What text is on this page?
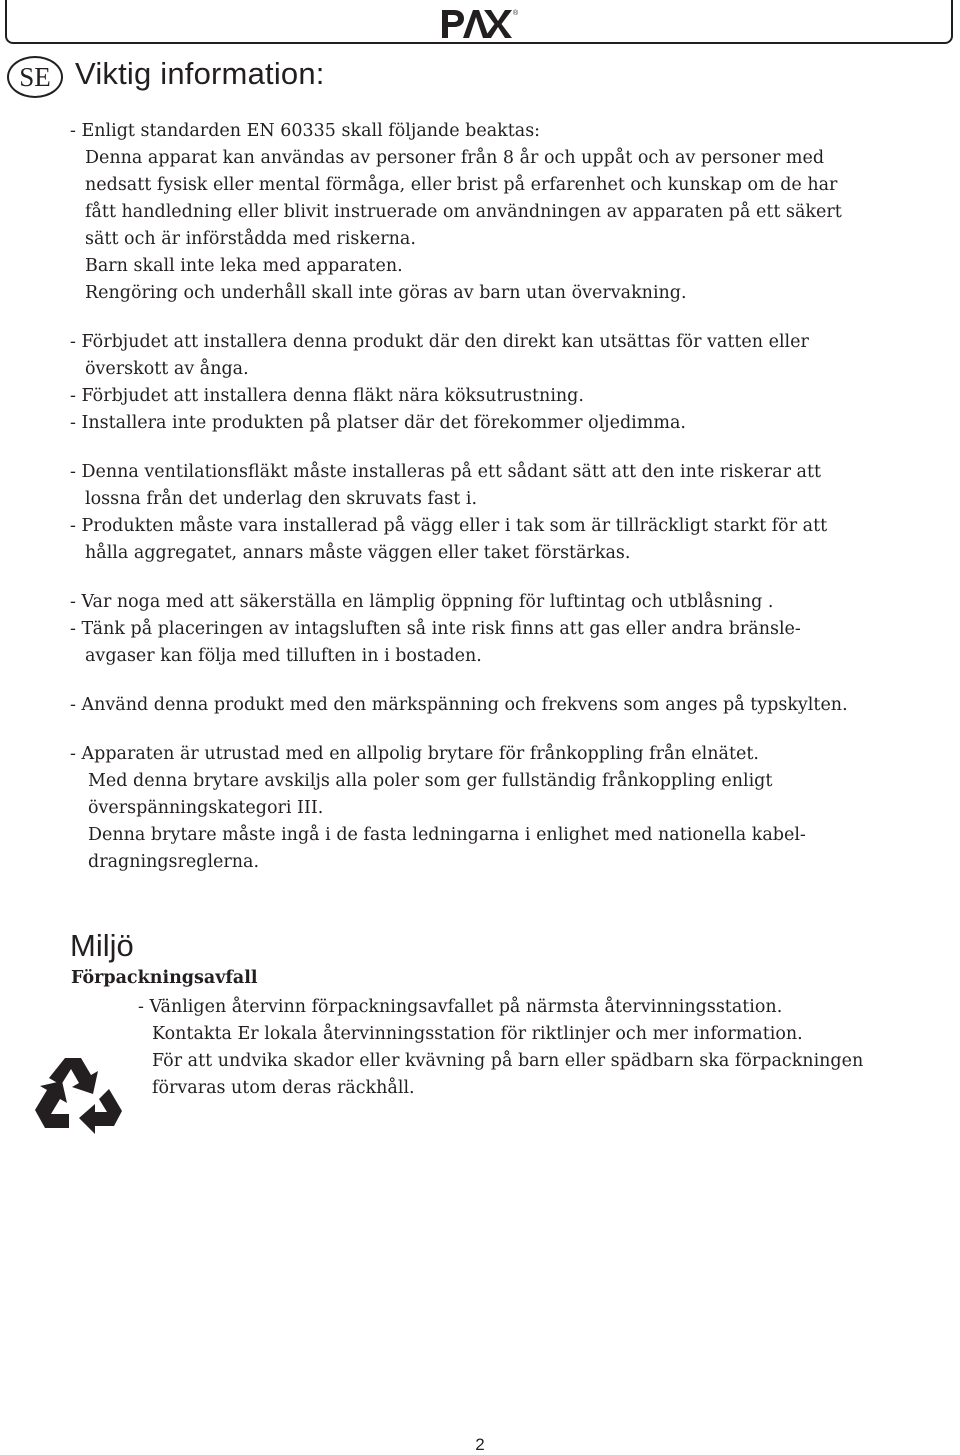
®
SE Viktig information:
- Enligt standarden EN 60335 skall följande beaktas:
Denna apparat kan användas av personer från 8 år och uppåt och av personer med
nedsatt fysisk eller mental förmåga, eller brist på erfarenhet och kunskap om de har
fått handledning eller blivit instruerade om användningen av apparaten på ett säkert
sätt och är införstådda med riskerna.
Barn skall inte leka med apparaten.
Rengöring och underhåll skall inte göras av barn utan övervakning.
- Förbjudet att installera denna produkt där den direkt kan utsättas för vatten eller
överskott av ånga.
- Förbjudet att installera denna fläkt nära köksutrustning.
- Installera inte produkten på platser där det förekommer oljedimma.
- Denna ventilationsfläkt måste installeras på ett sådant sätt att den inte riskerar att
lossna från det underlag den skruvats fast i.
- Produkten måste vara installerad på vägg eller i tak som är tillräckligt starkt för att
hålla aggregatet, annars måste väggen eller taket förstärkas.
- Var noga med att säkerställa en lämplig öppning för luftintag och utblåsning .
- Tänk på placeringen av intagsluften så inte risk finns att gas eller andra bränsle-
avgaser kan följa med tilluften in i bostaden.
- Använd denna produkt med den märkspänning och frekvens som anges på typskylten.
- Apparaten är utrustad med en allpolig brytare för frånkoppling från elnätet.
Med denna brytare avskiljs alla poler som ger fullständig frånkoppling enligt
överspänningskategori III.
Denna brytare måste ingå i de fasta ledningarna i enlighet med nationella kabel-
dragningsreglerna.
Miljö
Förpackningsavfall
- Vänligen återvinn förpackningsavfallet på närmsta återvinningsstation.
Kontakta Er lokala återvinningsstation för riktlinjer och mer information.
För att undvika skador eller kvävning på barn eller spädbarn ska förpackningen
förvaras utom deras räckhåll.
2
